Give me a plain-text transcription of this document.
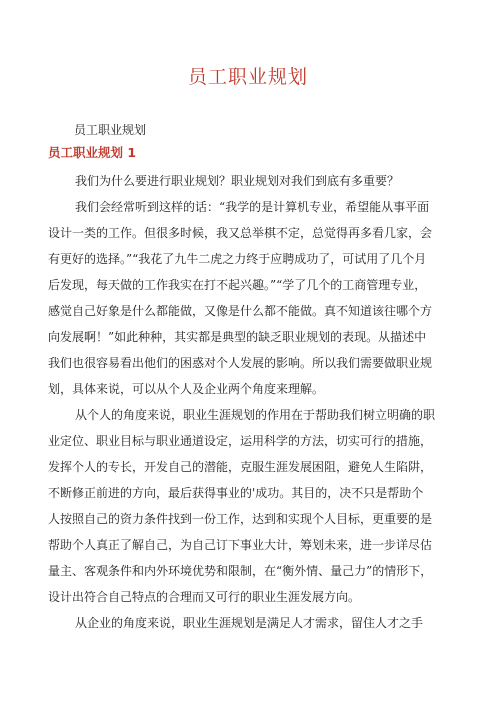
员工职业规划
员工职业规划
员工职业规划 1
我们为什么要进行职业规划？职业规划对我们到底有多重要？
我们会经常听到这样的话：“我学的是计算机专业，希望能从事平面
设计一类的工作。但很多时候，我又总举棋不定，总觉得再多看几家，会
有更好的选择。”“我花了九牛二虎之力终于应聘成功了，可试用了几个月
后发现，每天做的工作我实在打不起兴趣。”“学了几个的工商管理专业，
感觉自己好象是什么都能做，又像是什么都不能做。真不知道该往哪个方
向发展啊！”如此种种，其实都是典型的缺乏职业规划的表现。从描述中
我们也很容易看出他们的困惑对个人发展的影响。所以我们需要做职业规
划，具体来说，可以从个人及企业两个角度来理解。
从个人的角度来说，职业生涯规划的作用在于帮助我们树立明确的职
业定位、职业目标与职业通道设定，运用科学的方法，切实可行的措施，
发挥个人的专长，开发自己的潜能，克服生涯发展困阻，避免人生陷阱，
不断修正前进的方向，最后获得事业的'成功。其目的，决不只是帮助个
人按照自己的资力条件找到一份工作，达到和实现个人目标，更重要的是
帮助个人真正了解自己，为自己订下事业大计，筹划未来，进一步详尽估
量主、客观条件和内外环境优势和限制，在“衡外情、量己力”的情形下，
设计出符合自己特点的合理而又可行的职业生涯发展方向。
从企业的角度来说，职业生涯规划是满足人才需求，留住人才之手
